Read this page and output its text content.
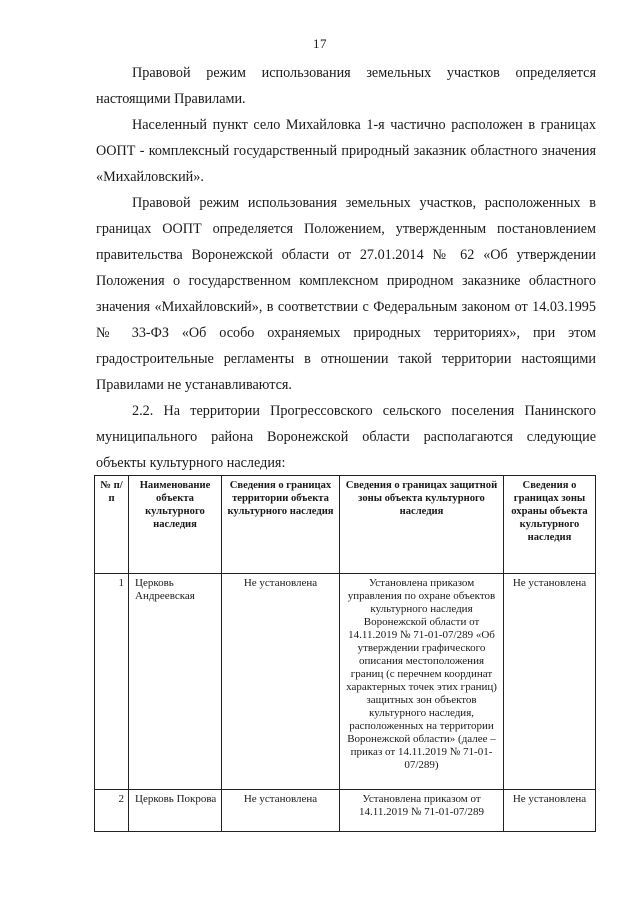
17

Правовой режим использования земельных участков определяется настоящими Правилами.

Населенный пункт село Михайловка 1-я частично расположен в границах ООПТ - комплексный государственный природный заказник областного значения «Михайловский».

Правовой режим использования земельных участков, расположенных в границах ООПТ определяется Положением, утвержденным постановлением правительства Воронежской области от 27.01.2014 № 62 «Об утверждении Положения о государственном комплексном природном заказнике областного значения «Михайловский», в соответствии с Федеральным законом от 14.03.1995 № 33-ФЗ «Об особо охраняемых природных территориях», при этом градостроительные регламенты в отношении такой территории настоящими Правилами не устанавливаются.

2.2. На территории Прогрессовского сельского поселения Панинского муниципального района Воронежской области располагаются следующие объекты культурного наследия:

№ п/п	Наименование объекта культурного наследия	Сведения о границах территории объекта культурного наследия	Сведения о границах защитной зоны объекта культурного наследия	Сведения о границах зоны охраны объекта культурного наследия
1	Церковь Андреевская	Не установлена	Установлена приказом управления по охране объектов культурного наследия Воронежской области от 14.11.2019 № 71-01-07/289 «Об утверждении графического описания местоположения границ (с перечнем координат характерных точек этих границ) защитных зон объектов культурного наследия, расположенных на территории Воронежской области» (далее – приказ от 14.11.2019 № 71-01-07/289)	Не установлена
2	Церковь Покрова	Не установлена	Установлена приказом от 14.11.2019 № 71-01-07/289	Не установлена
